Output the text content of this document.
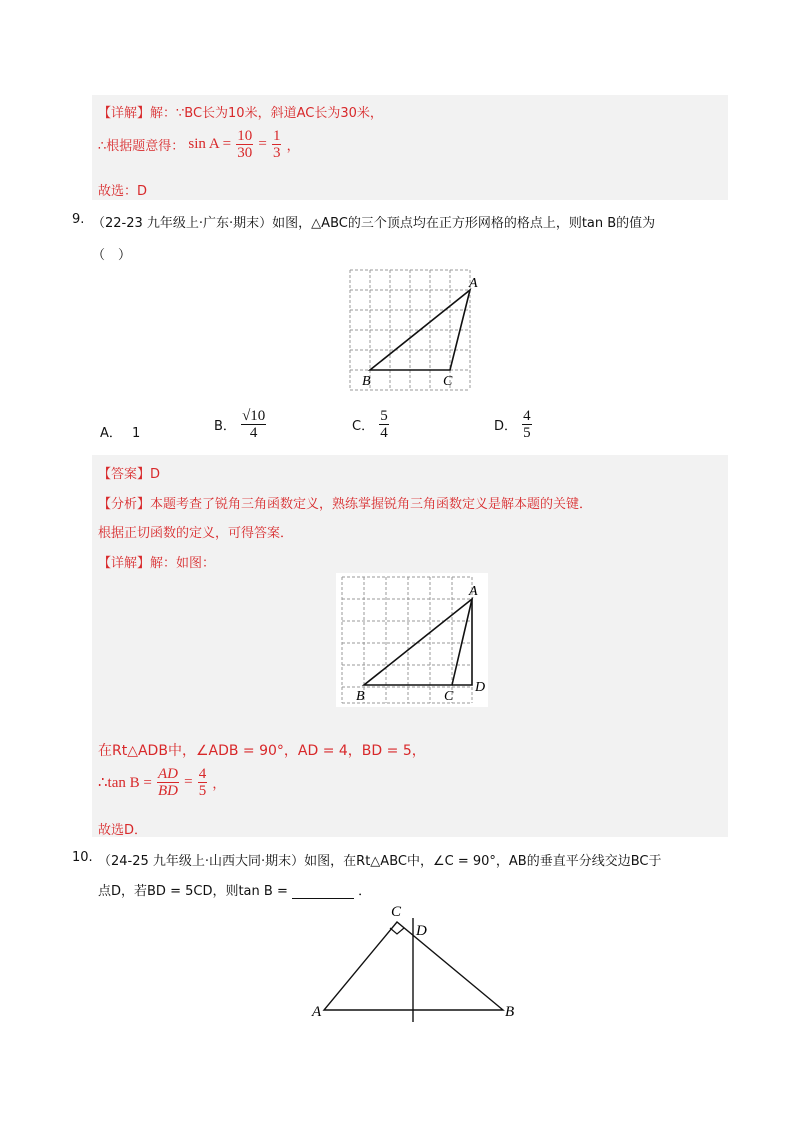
【详解】解：∵BC长为10米，斜道AC长为30米，
∴根据题意得： $\sin A = \frac{10}{30} = \frac{1}{3}$ ，
故选：D
9. （22-23 九年级上·广东·期末）如图，△ABC的三个顶点均在正方形网格的格点上，则tan B的值为
（　）
A
B	C
A． 1	B． $\frac{√10}{4}$	C． $\frac{5}{4}$	D． $\frac{4}{5}$
【答案】D
【分析】本题考查了锐角三角函数定义，熟练掌握锐角三角函数定义是解本题的关键．
根据正切函数的定义，可得答案．
【详解】解：如图：
A
B	C
D
在Rt△ADB中，∠ADB = 90°，AD = 4，BD = 5，
∴tan $B = \frac{AD}{BD} = \frac{4}{5}$ ，
故选D．
10. （24-25 九年级上·山西大同·期末）如图，在Rt△ABC中，∠C = 90°，AB的垂直平分线交边BC于
点D，若BD = 5CD，则tan B =	．
C
D
A	B
